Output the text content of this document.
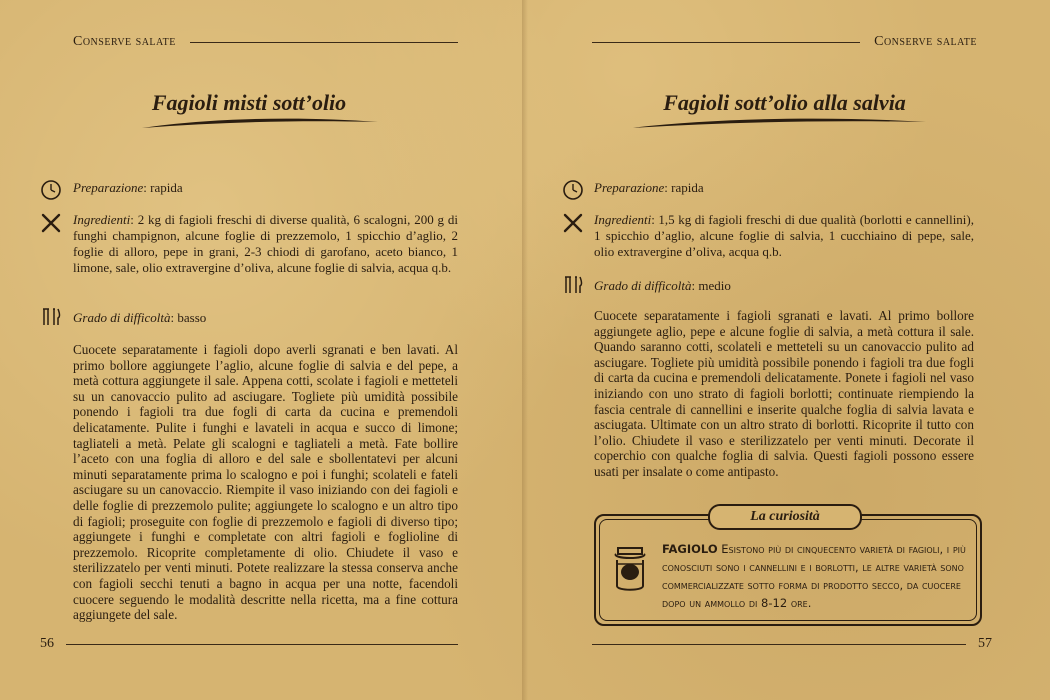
Conserve salate
Fagioli misti sott’olio
Preparazione: rapida
Ingredienti: 2 kg di fagioli freschi di diverse qualità, 6 scalogni, 200 g di funghi champignon, alcune foglie di prezzemolo, 1 spicchio d’aglio, 2 foglie di alloro, pepe in grani, 2-3 chiodi di garofano, aceto bianco, 1 limone, sale, olio extravergine d’oliva, alcune foglie di salvia, acqua q.b.
Grado di difficoltà: basso
Cuocete separatamente i fagioli dopo averli sgranati e ben lavati. Al primo bollore aggiungete l’aglio, alcune foglie di salvia e del pepe, a metà cottura aggiungete il sale. Appena cotti, scolate i fagioli e metteteli su un canovaccio pulito ad asciugare. Togliete più umidità possibile ponendo i fagioli tra due fogli di carta da cucina e premendoli delicatamente. Pulite i funghi e lavateli in acqua e succo di limone; tagliateli a metà. Pelate gli scalogni e tagliateli a metà. Fate bollire l’aceto con una foglia di alloro e del sale e sbollentatevi per alcuni minuti separatamente prima lo scalogno e poi i funghi; scolateli e fateli asciugare su un canovaccio. Riempite il vaso iniziando con dei fagioli e delle foglie di prezzemolo pulite; aggiungete lo scalogno e un altro tipo di fagioli; proseguite con foglie di prezzemolo e fagioli di diverso tipo; aggiungete i funghi e completate con altri fagioli e foglioline di prezzemolo. Ricoprite completamente di olio. Chiudete il vaso e sterilizzatelo per venti minuti. Potete realizzare la stessa conserva anche con fagioli secchi tenuti a bagno in acqua per una notte, facendoli cuocere seguendo le modalità descritte nella ricetta, ma a fine cottura aggiungete del sale.
56
Conserve salate
Fagioli sott’olio alla salvia
Preparazione: rapida
Ingredienti: 1,5 kg di fagioli freschi di due qualità (borlotti e cannellini), 1 spicchio d’aglio, alcune foglie di salvia, 1 cucchiaino di pepe, sale, olio extravergine d’oliva, acqua q.b.
Grado di difficoltà: medio
Cuocete separatamente i fagioli sgranati e lavati. Al primo bollore aggiungete aglio, pepe e alcune foglie di salvia, a metà cottura il sale. Quando saranno cotti, scolateli e metteteli su un canovaccio pulito ad asciugare. Togliete più umidità possibile ponendo i fagioli tra due fogli di carta da cucina e premendoli delicatamente. Ponete i fagioli nel vaso iniziando con uno strato di fagioli borlotti; continuate riempiendo la fascia centrale di cannellini e inserite qualche foglia di salvia lavata e asciugata. Ultimate con un altro strato di borlotti. Ricoprite il tutto con l’olio. Chiudete il vaso e sterilizzatelo per venti minuti. Decorate il coperchio con qualche foglia di salvia. Questi fagioli possono essere usati per insalate o come antipasto.
La curiosità
FAGIOLO Esistono più di cinquecento varietà di fagioli, i più conosciuti sono i cannellini e i borlotti, le altre varietà sono commercializzate sotto forma di prodotto secco, da cuocere dopo un ammollo di 8-12 ore.
57
